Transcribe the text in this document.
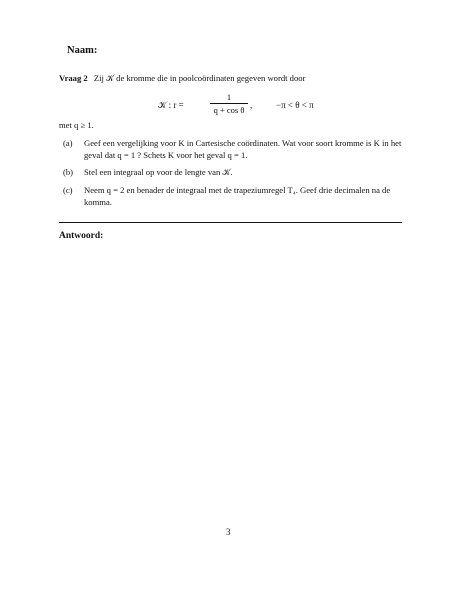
Naam:
Vraag 2 Zij 𝒦 de kromme die in poolcoördinaten gegeven wordt door
𝒦 : r =
1
q + cos θ ,	−π < θ < π
met q ≥ 1.
(a) Geef een vergelijking voor K in Cartesische coördinaten. Wat voor soort kromme is K in het geval dat q = 1 ? Schets K voor het geval q = 1.
(b) Stel een integraal op voor de lengte van 𝒦.
(c) Neem q = 2 en benader de integraal met de trapeziumregel T₄. Geef drie decimalen na de komma.
Antwoord:
3
